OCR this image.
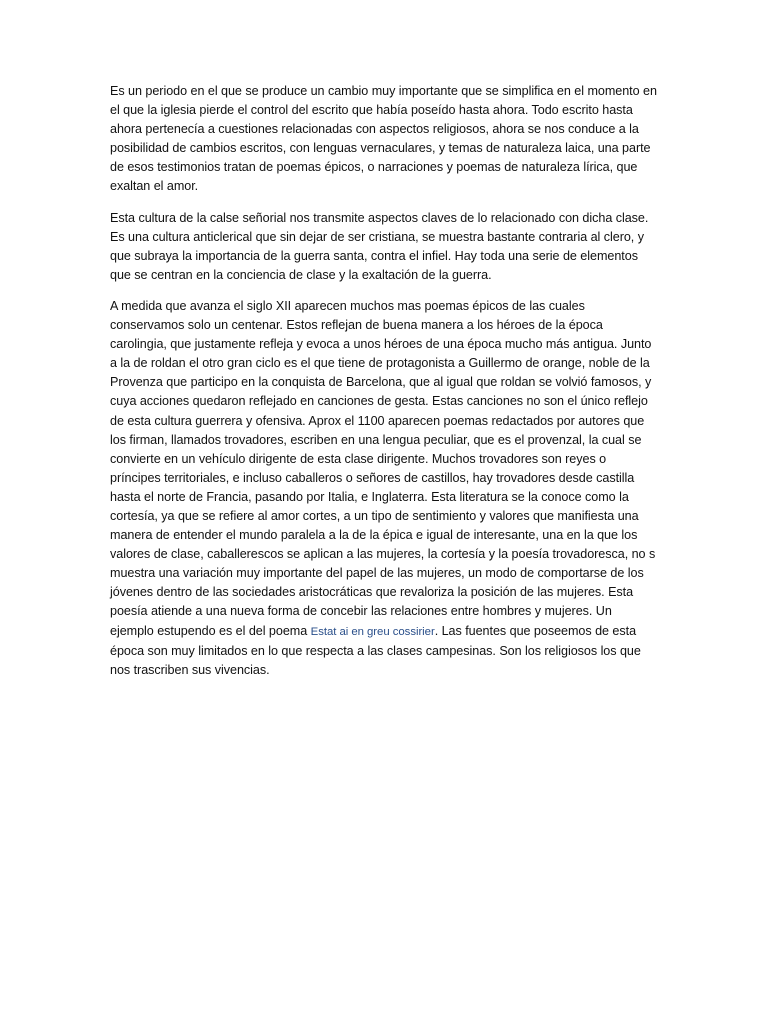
Es un periodo en el que se produce un cambio muy importante que se simplifica en el momento en el que la iglesia pierde el control del escrito que había poseído hasta ahora. Todo escrito hasta ahora pertenecía a cuestiones relacionadas con aspectos religiosos, ahora se nos conduce a la posibilidad de cambios escritos, con lenguas vernaculares, y temas de naturaleza laica, una parte de esos testimonios tratan de poemas épicos, o narraciones y poemas de naturaleza lírica, que exaltan el amor.

Esta cultura de la calse señorial nos transmite aspectos claves de lo relacionado con dicha clase. Es una cultura anticlerical que sin dejar de ser cristiana, se muestra bastante contraria al clero, y que subraya la importancia de la guerra santa, contra el infiel. Hay toda una serie de elementos que se centran en la conciencia de clase y la exaltación de la guerra.

A medida que avanza el siglo XII aparecen muchos mas poemas épicos de las cuales conservamos solo un centenar. Estos reflejan de buena manera a los héroes de la época carolingia, que justamente refleja y evoca a unos héroes de una época mucho más antigua. Junto a la de roldan el otro gran ciclo es el que tiene de protagonista a Guillermo de orange, noble de la Provenza que participo en la conquista de Barcelona, que al igual que roldan se volvió famosos, y cuya acciones quedaron reflejado en canciones de gesta. Estas canciones no son el único reflejo de esta cultura guerrera y ofensiva. Aprox el 1100 aparecen poemas redactados por autores que los firman, llamados trovadores, escriben en una lengua peculiar, que es el provenzal, la cual se convierte en un vehículo dirigente de esta clase dirigente. Muchos trovadores son reyes o príncipes territoriales, e incluso caballeros o señores de castillos, hay trovadores desde castilla hasta el norte de Francia, pasando por Italia, e Inglaterra. Esta literatura se la conoce como la cortesía, ya que se refiere al amor cortes, a un tipo de sentimiento y valores que manifiesta una manera de entender el mundo paralela a la de la épica e igual de interesante, una en la que los valores de clase, caballerescos se aplican a las mujeres, la cortesía y la poesía trovadoresca, no s muestra una variación muy importante del papel de las mujeres, un modo de comportarse de los jóvenes dentro de las sociedades aristocráticas que revaloriza la posición de las mujeres. Esta poesía atiende a una nueva forma de concebir las relaciones entre hombres y mujeres. Un ejemplo estupendo es el del poema Estat ai en greu cossirier. Las fuentes que poseemos de esta época son muy limitados en lo que respecta a las clases campesinas. Son los religiosos los que nos trascriben sus vivencias.
